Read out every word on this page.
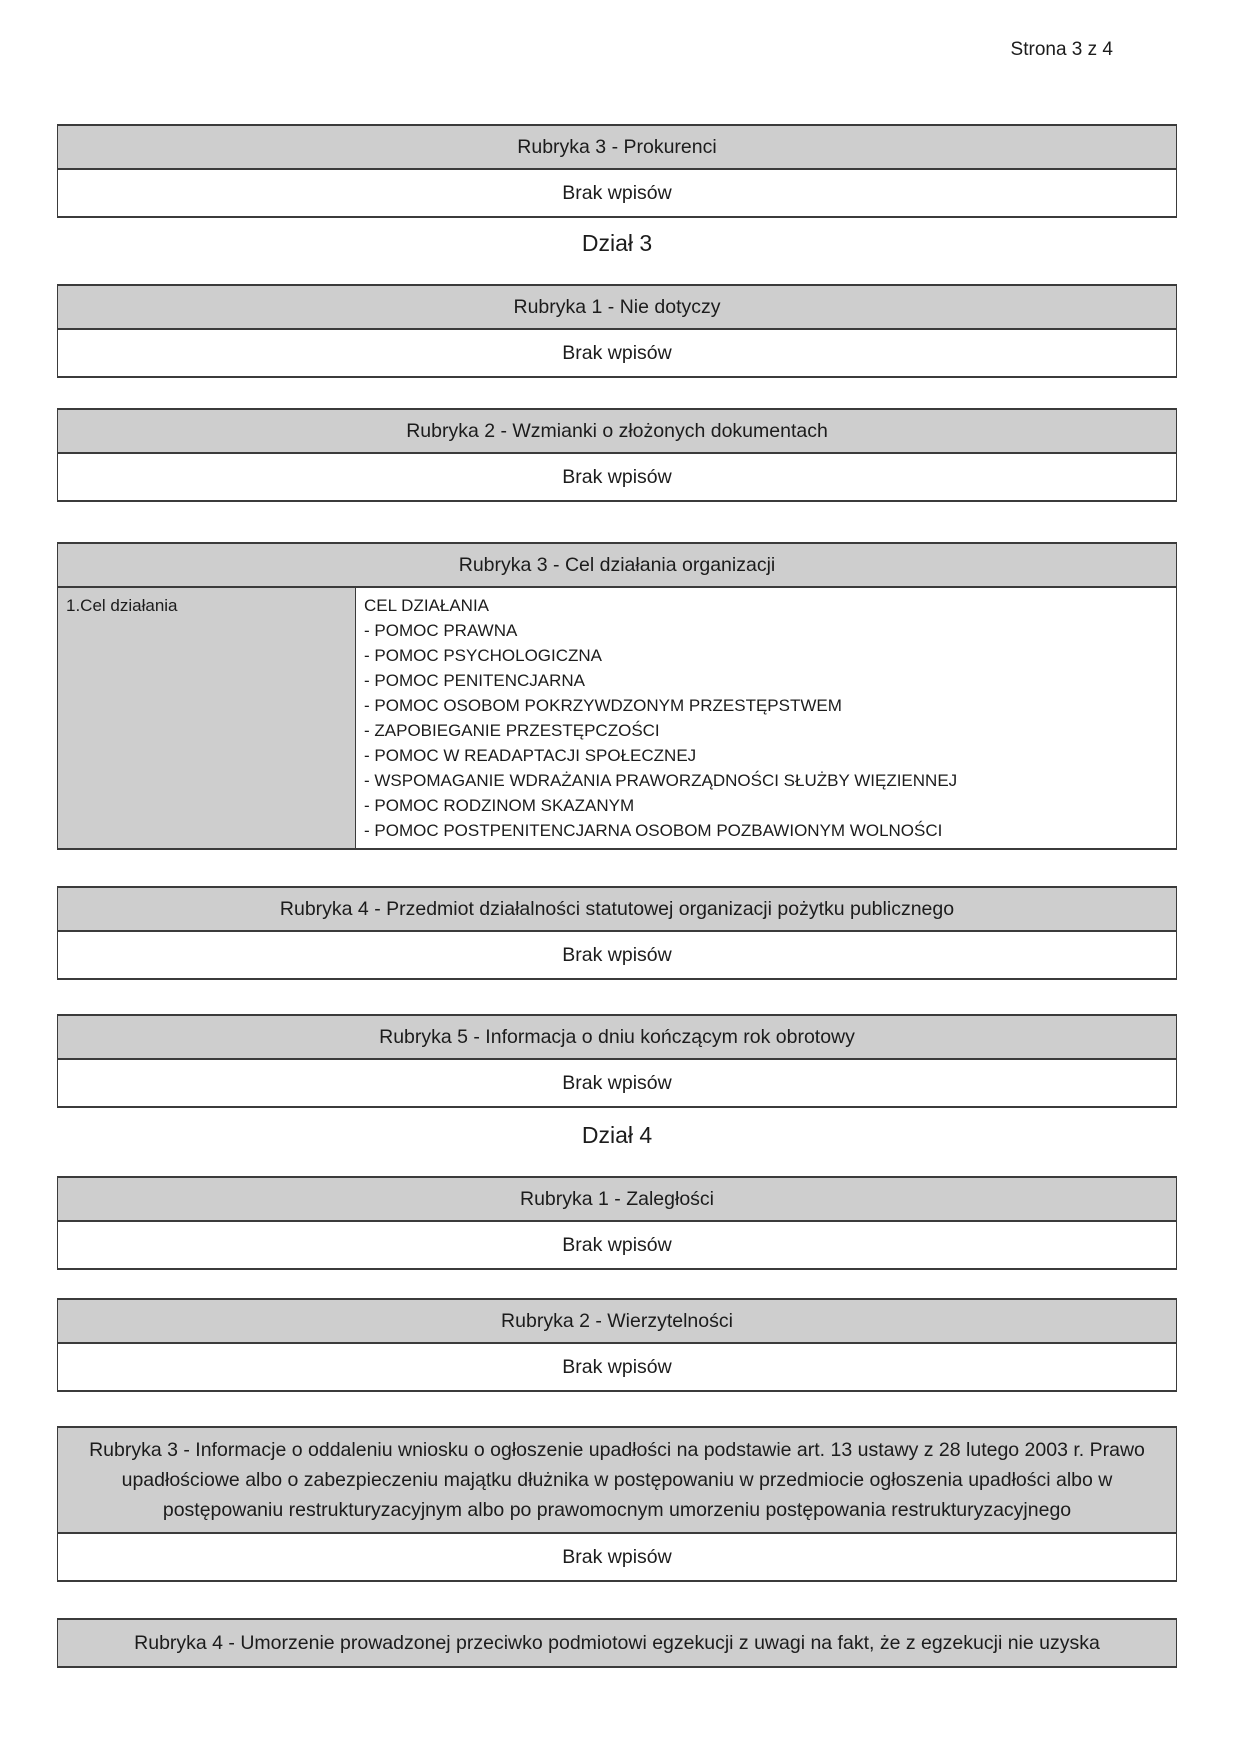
Strona 3 z 4
Rubryka 3 - Prokurenci
Brak wpisów
Dział 3
Rubryka 1 - Nie dotyczy
Brak wpisów
Rubryka 2 - Wzmianki o złożonych dokumentach
Brak wpisów
Rubryka 3 - Cel działania organizacji
1.Cel działania	CEL DZIAŁANIA
- POMOC PRAWNA
- POMOC PSYCHOLOGICZNA
- POMOC PENITENCJARNA
- POMOC OSOBOM POKRZYWDZONYM PRZESTĘPSTWEM
- ZAPOBIEGANIE PRZESTĘPCZOŚCI
- POMOC W READAPTACJI SPOŁECZNEJ
- WSPOMAGANIE WDRAŻANIA PRAWORZĄDNOŚCI SŁUŻBY WIĘZIENNEJ
- POMOC RODZINOM SKAZANYM
- POMOC POSTPENITENCJARNA OSOBOM POZBAWIONYM WOLNOŚCI
Rubryka 4 - Przedmiot działalności statutowej organizacji pożytku publicznego
Brak wpisów
Rubryka 5 - Informacja o dniu kończącym rok obrotowy
Brak wpisów
Dział 4
Rubryka 1 - Zaległości
Brak wpisów
Rubryka 2 - Wierzytelności
Brak wpisów
Rubryka 3 - Informacje o oddaleniu wniosku o ogłoszenie upadłości na podstawie art. 13 ustawy z 28 lutego 2003 r. Prawo upadłościowe albo o zabezpieczeniu majątku dłużnika w postępowaniu w przedmiocie ogłoszenia upadłości albo w postępowaniu restrukturyzacyjnym albo po prawomocnym umorzeniu postępowania restrukturyzacyjnego
Brak wpisów
Rubryka 4 - Umorzenie prowadzonej przeciwko podmiotowi egzekucji z uwagi na fakt, że z egzekucji nie uzyska
